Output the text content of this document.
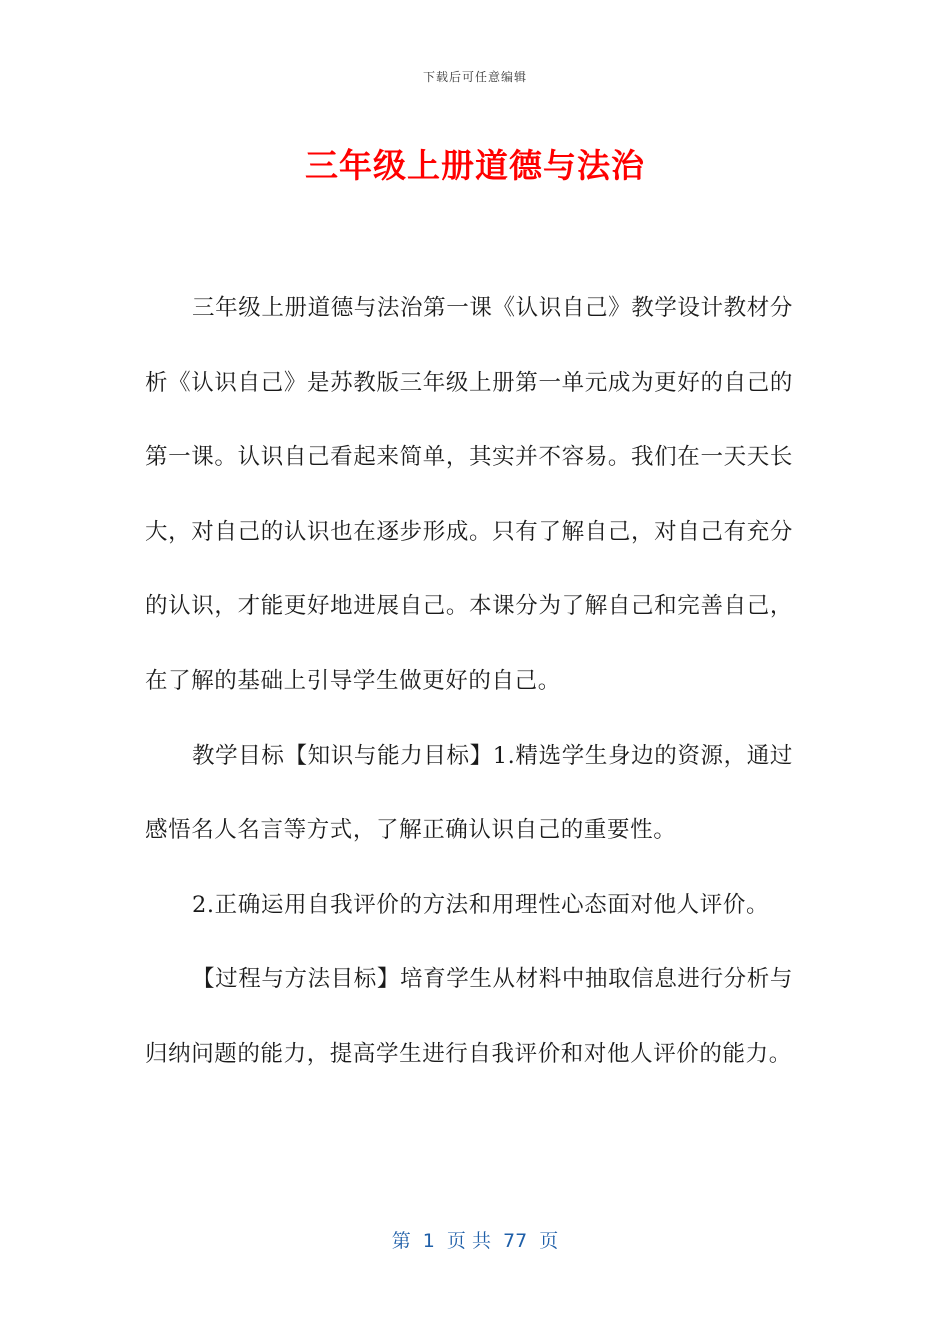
下载后可任意编辑
三年级上册道德与法治

三年级上册道德与法治第一课《认识自己》教学设计教材分析《认识自己》是苏教版三年级上册第一单元成为更好的自己的第一课。认识自己看起来简单，其实并不容易。我们在一天天长大，对自己的认识也在逐步形成。只有了解自己，对自己有充分的认识，才能更好地进展自己。本课分为了解自己和完善自己，在了解的基础上引导学生做更好的自己。

教学目标【知识与能力目标】1.精选学生身边的资源，通过感悟名人名言等方式，了解正确认识自己的重要性。

2.正确运用自我评价的方法和用理性心态面对他人评价。

【过程与方法目标】培育学生从材料中抽取信息进行分析与归纳问题的能力，提高学生进行自我评价和对他人评价的能力。

第  1  页 共  77  页
